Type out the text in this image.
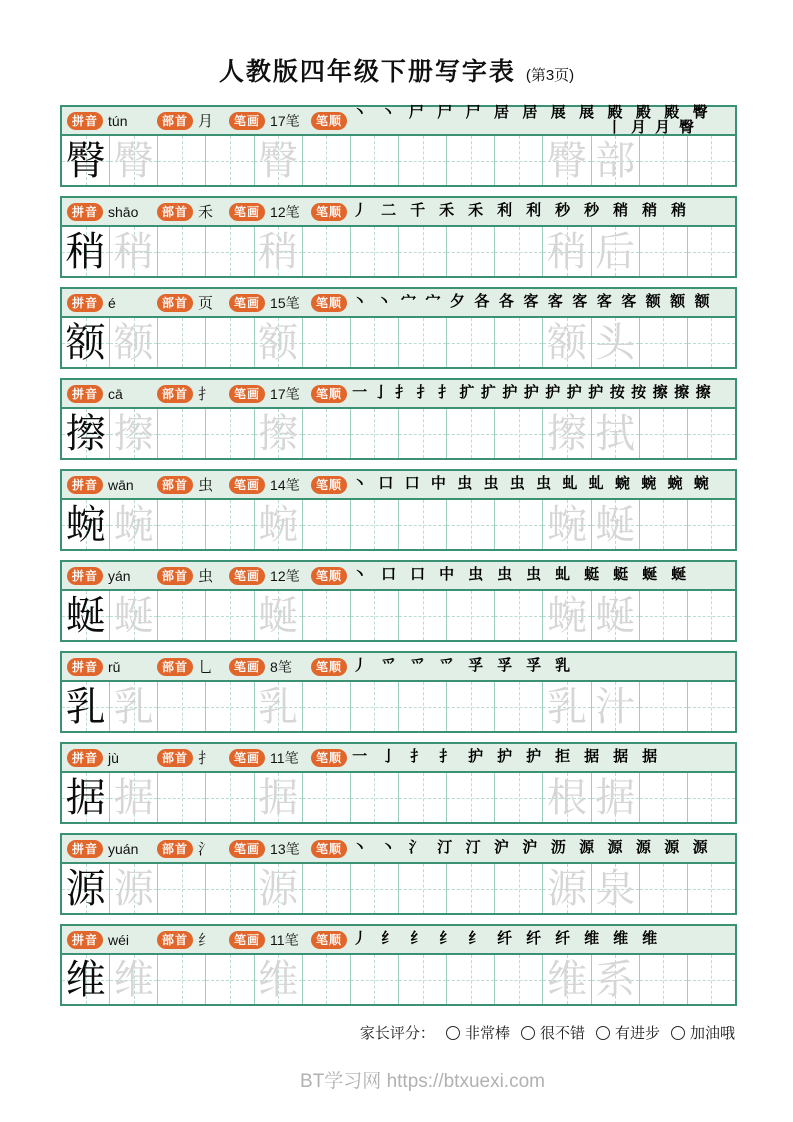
人教版四年级下册写字表 (第3页)
拼音 tún	部首 月	笔画 17笔	笔顺 丶丶尸尸尸居居展展殿殿殿臀
丨月月臀
臀 臀	臀	臀 部
拼音 shāo	部首 禾	笔画 12笔	笔顺 丿二千禾禾利利秒秒稍稍稍
稍 稍	稍	稍 后
拼音 é	部首 页	笔画 15笔	笔顺 丶丶宀宀夕各各客客客客客额额额
额 额	额	额 头
拼音 cā	部首 扌	笔画 17笔	笔顺 一亅扌扌扌扩扩护护护护护按按擦擦擦
擦 擦	擦	擦 拭
拼音 wān	部首 虫	笔画 14笔	笔顺 丶口口中虫虫虫虫虬虬蜿蜿蜿蜿
蜿 蜿	蜿	蜿 蜒
拼音 yán	部首 虫	笔画 12笔	笔顺 丶口口中虫虫虫虬蜓蜓蜒蜒
蜒 蜒	蜒	蜿 蜒
拼音 rǔ	部首 乚	笔画 8笔	笔顺 丿爫爫爫孚孚孚乳
乳 乳	乳	乳 汁
拼音 jù	部首 扌	笔画 11笔	笔顺 一亅扌扌护护护拒据据据
据 据	据	根 据
拼音 yuán	部首 氵	笔画 13笔	笔顺 丶丶氵汀汀沪沪沥源源源源源
源 源	源	源 泉
拼音 wéi	部首 纟	笔画 11笔	笔顺 丿纟纟纟纟纤纤纤维维维
维 维	维	维 系
家长评分： 非常棒 很不错 有进步 加油哦
BT学习网 https://btxuexi.com
